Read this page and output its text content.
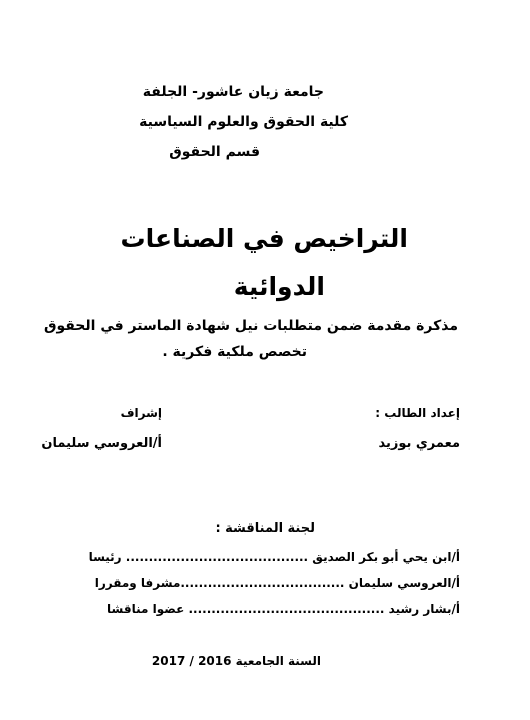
جامعة زيان عاشور- الجلفة
كلية الحقوق والعلوم السياسية
قسم الحقوق
التراخيص في الصناعات
الدوائية
مذكرة مقدمة ضمن متطلبات نيل شهادة الماستر في الحقوق
تخصص ملكية فكرية .
إعداد الطالب :
إشراف
معمري بوزيد
أ/العروسي سليمان
لجنة المناقشة :
أ/ابن يحي أبو بكر الصديق ........................................ رئيسا
أ/العروسي سليمان ....................................مشرفا ومقررا
أ/بشار رشيد ........................................... عضوا مناقشا
السنة الجامعية 2016 / 2017
